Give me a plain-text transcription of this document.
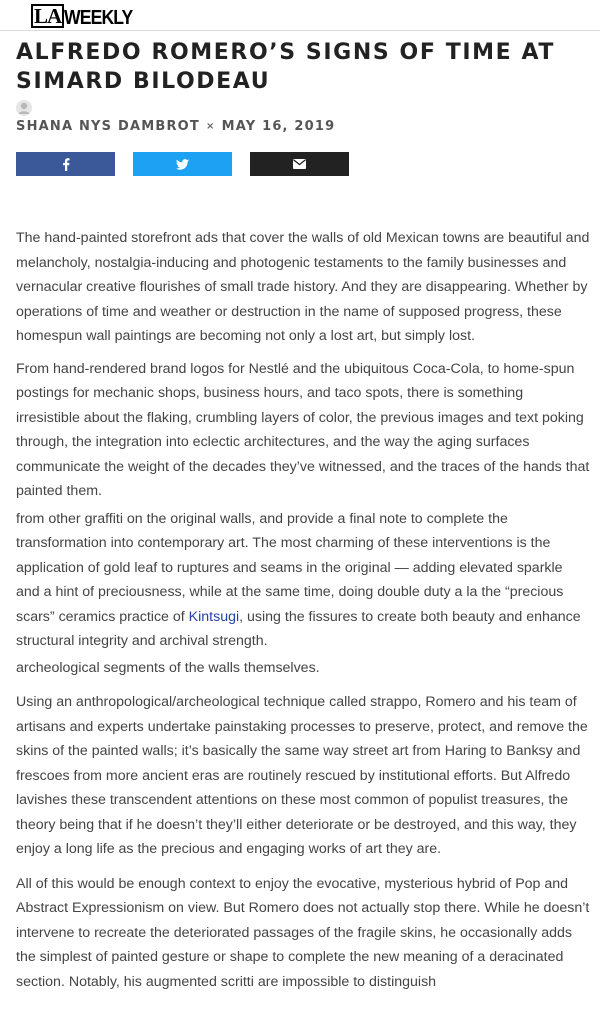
LA WEEKLY
ALFREDO ROMERO’S SIGNS OF TIME AT SIMARD BILODEAU
SHANA NYS DAMBROT × MAY 16, 2019

The hand-painted storefront ads that cover the walls of old Mexican towns are beautiful and melancholy, nostalgia-inducing and photogenic testaments to the family businesses and vernacular creative flourishes of small trade history. And they are disappearing. Whether by operations of time and weather or destruction in the name of supposed progress, these homespun wall paintings are becoming not only a lost art, but simply lost.

From hand-rendered brand logos for Nestlé and the ubiquitous Coca-Cola, to home-spun postings for mechanic shops, business hours, and taco spots, there is something irresistible about the flaking, crumbling layers of color, the previous images and text poking through, the integration into eclectic architectures, and the way the aging surfaces communicate the weight of the decades they’ve witnessed, and the traces of the hands that painted them.

from other graffiti on the original walls, and provide a final note to complete the transformation into contemporary art. The most charming of these interventions is the application of gold leaf to ruptures and seams in the original — adding elevated sparkle and a hint of preciousness, while at the same time, doing double duty a la the “precious scars” ceramics practice of Kintsugi, using the fissures to create both beauty and enhance structural integrity and archival strength.

archeological segments of the walls themselves.

Using an anthropological/archeological technique called strappo, Romero and his team of artisans and experts undertake painstaking processes to preserve, protect, and remove the skins of the painted walls; it’s basically the same way street art from Haring to Banksy and frescoes from more ancient eras are routinely rescued by institutional efforts. But Alfredo lavishes these transcendent attentions on these most common of populist treasures, the theory being that if he doesn’t they’ll either deteriorate or be destroyed, and this way, they enjoy a long life as the precious and engaging works of art they are.

All of this would be enough context to enjoy the evocative, mysterious hybrid of Pop and Abstract Expressionism on view. But Romero does not actually stop there. While he doesn’t intervene to recreate the deteriorated passages of the fragile skins, he occasionally adds the simplest of painted gesture or shape to complete the new meaning of a deracinated section. Notably, his augmented scritti are impossible to distinguish
